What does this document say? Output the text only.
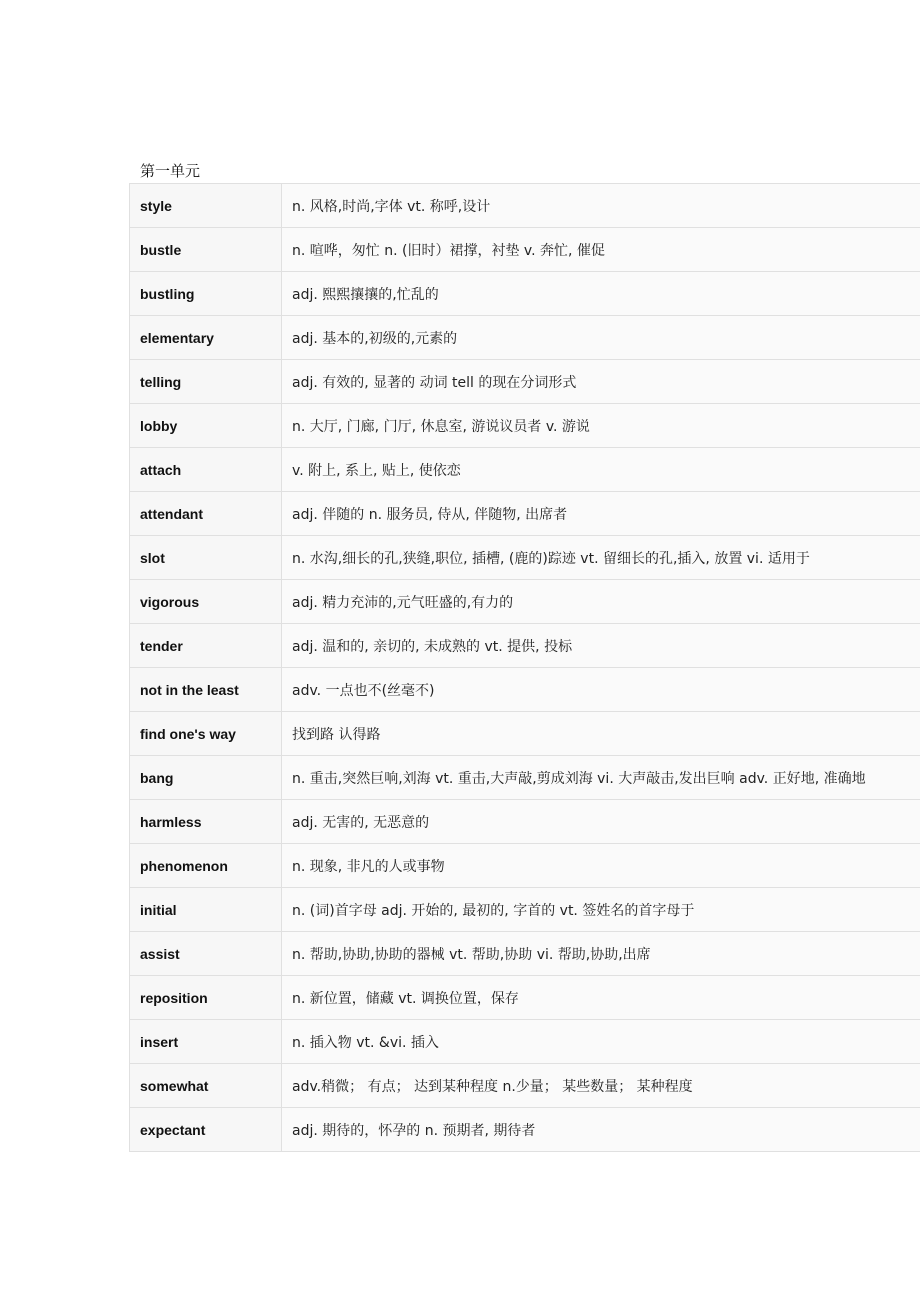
第一单元
style	n. 风格,时尚,字体 vt. 称呼,设计
bustle	n. 喧哗，匆忙 n. (旧时）裙撑，衬垫 v. 奔忙, 催促
bustling	adj. 熙熙攘攘的,忙乱的
elementary	adj. 基本的,初级的,元素的
telling	adj. 有效的, 显著的 动词 tell 的现在分词形式
lobby	n. 大厅, 门廊, 门厅, 休息室, 游说议员者 v. 游说
attach	v. 附上, 系上, 贴上, 使依恋
attendant	adj. 伴随的 n. 服务员, 侍从, 伴随物, 出席者
slot	n. 水沟,细长的孔,狭缝,职位, 插槽, (鹿的)踪迹 vt. 留细长的孔,插入, 放置 vi. 适用于
vigorous	adj. 精力充沛的,元气旺盛的,有力的
tender	adj. 温和的, 亲切的, 未成熟的 vt. 提供, 投标
not in the least	adv. 一点也不(丝毫不)
find one's way	找到路 认得路
bang	n. 重击,突然巨响,刘海 vt. 重击,大声敲,剪成刘海 vi. 大声敲击,发出巨响 adv. 正好地, 准确地
harmless	adj. 无害的, 无恶意的
phenomenon	n. 现象, 非凡的人或事物
initial	n. (词)首字母 adj. 开始的, 最初的, 字首的 vt. 签姓名的首字母于
assist	n. 帮助,协助,协助的器械 vt. 帮助,协助 vi. 帮助,协助,出席
reposition	n. 新位置，储藏 vt. 调换位置，保存
insert	n. 插入物 vt. &vi. 插入
somewhat	adv.稍微； 有点； 达到某种程度 n.少量； 某些数量； 某种程度
expectant	adj. 期待的，怀孕的 n. 预期者, 期待者
